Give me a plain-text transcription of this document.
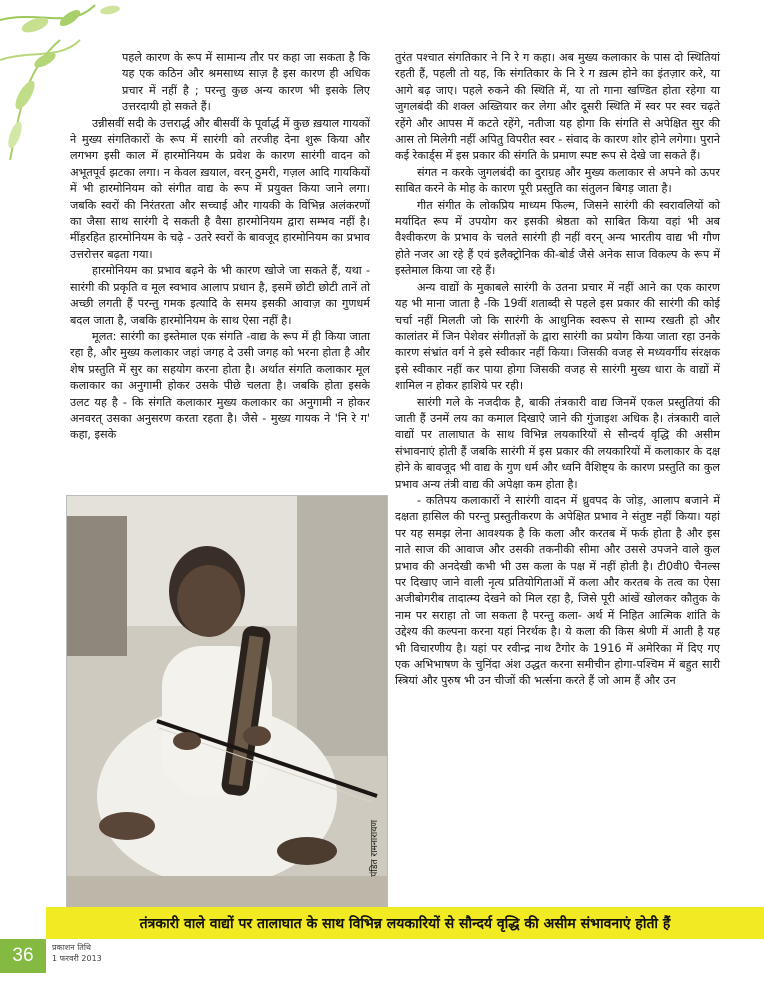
पहले कारण के रूप में सामान्य तौर पर कहा जा सकता है कि यह एक कठिन और श्रमसाध्य साज़ है इस कारण ही अधिक प्रचार में नहीं है ; परन्तु कुछ अन्य कारण भी इसके लिए उत्तरदायी हो सकते हैं।

उन्नीसवीं सदी के उत्तरार्द्ध और बीसवीं के पूर्वार्द्ध में कुछ ख़याल गायकों ने मुख्य संगतिकारों के रूप में सारंगी को तरजीह देना शुरू किया और लगभग इसी काल में हारमोनियम के प्रवेश के कारण सारंगी वादन को अभूतपूर्व झटका लगा। न केवल ख़याल, वरन् ठुमरी, गज़ल आदि गायकियों में भी हारमोनियम को संगीत वाद्य के रूप में प्रयुक्त किया जाने लगा। जबकि स्वरों की निरंतरता और सच्चाई और गायकी के विभिन्न अलंकरणों का जैसा साथ सारंगी दे सकती है वैसा हारमोनियम द्वारा सम्भव नहीं है। मींड़रहित हारमोनियम के चढ़े - उतरे स्वरों के बावजूद हारमोनियम का प्रभाव उत्तरोत्तर बढ़ता गया।

हारमोनियम का प्रभाव बढ़ने के भी कारण खोजे जा सकते हैं, यथा - सारंगी की प्रकृति व मूल स्वभाव आलाप प्रधान है, इसमें छोटी छोटी तानें तो अच्छी लगती हैं परन्तु गमक इत्यादि के समय इसकी आवाज़ का गुणधर्म बदल जाता है, जबकि हारमोनियम के साथ ऐसा नहीं है।

मूलत: सारंगी का इस्तेमाल एक संगति -वाद्य के रूप में ही किया जाता रहा है, और मुख्य कलाकार जहां जगह दे उसी जगह को भरना होता है और शेष प्रस्तुति में सुर का सहयोग करना होता है। अर्थात संगति कलाकार मूल कलाकार का अनुगामी होकर उसके पीछे चलता है। जबकि होता इसके उलट यह है - कि संगति कलाकार मुख्य कलाकार का अनुगामी न होकर अनवरत् उसका अनुसरण करता रहता है। जैसे - मुख्य गायक ने 'नि रे ग' कहा, इसके

पंडित रामनारायण

तुरंत पश्चात संगतिकार ने नि रे ग कहा। अब मुख्य कलाकार के पास दो स्थितियां रहती हैं, पहली तो यह, कि संगतिकार के नि रे ग ख़त्म होने का इंतज़ार करे, या आगे बढ़ जाए। पहले रुकने की स्थिति में, या तो गाना खण्डित होता रहेगा या जुगलबंदी की शक्ल अख्तियार कर लेगा और दूसरी स्थिति में स्वर पर स्वर चढ़ते रहेंगे और आपस में कटते रहेंगे, नतीजा यह होगा कि संगति से अपेक्षित सुर की आस तो मिलेगी नहीं अपितु विपरीत स्वर - संवाद के कारण शोर होने लगेगा। पुराने कई रेकार्ड्स में इस प्रकार की संगति के प्रमाण स्पष्ट रूप से देखे जा सकते हैं।

संगत न करके जुगलबंदी का दुराग्रह और मुख्य कलाकार से अपने को ऊपर साबित करने के मोह के कारण पूरी प्रस्तुति का संतुलन बिगड़ जाता है।

गीत संगीत के लोकप्रिय माध्यम फिल्म, जिसने सारंगी की स्वरावलियों को मर्यादित रूप में उपयोग कर इसकी श्रेष्ठता को साबित किया वहां भी अब वैश्वीकरण के प्रभाव के चलते सारंगी ही नहीं वरन् अन्य भारतीय वाद्य भी गौण होते नजर आ रहे हैं एवं इलैक्ट्रोनिक की-बोर्ड जैसे अनेक साज विकल्प के रूप में इस्तेमाल किया जा रहे हैं।

अन्य वाद्यों के मुकाबले सारंगी के उतना प्रचार में नहीं आने का एक कारण यह भी माना जाता है -कि 19वीं शताब्दी से पहले इस प्रकार की सारंगी की कोई चर्चा नहीं मिलती जो कि सारंगी के आधुनिक स्वरूप से साम्य रखती हो और कालांतर में जिन पेशेवर संगीतज्ञों के द्वारा सारंगी का प्रयोग किया जाता रहा उनके कारण संभ्रांत वर्ग ने इसे स्वीकार नहीं किया। जिसकी वजह से मध्यवर्गीय संरक्षक इसे स्वीकार नहीं कर पाया होगा जिसकी वजह से सारंगी मुख्य धारा के वाद्यों में शामिल न होकर हाशिये पर रही।

सारंगी गले के नजदीक है, बाकी तंत्रकारी वाद्य जिनमें एकल प्रस्तुतियां की जाती हैं उनमें लय का कमाल दिखाऐ जाने की गुंजाइश अधिक है। तंत्रकारी वाले वाद्यों पर तालाघात के साथ विभिन्न लयकारियों से सौन्दर्य वृद्धि की असीम संभावनाएं होती हैं जबकि सारंगी में इस प्रकार की लयकारियों में कलाकार के दक्ष होने के बावजूद भी वाद्य के गुण धर्म और ध्वनि वैशिष्ट्य के कारण प्रस्तुति का कुल प्रभाव अन्य तंत्री वाद्य की अपेक्षा कम होता है।

- कतिपय कलाकारों ने सारंगी वादन में ध्रुवपद के जोड़, आलाप बजाने में दक्षता हासिल की परन्तु प्रस्तुतीकरण के अपेक्षित प्रभाव ने संतुष्ट नहीं किया। यहां पर यह समझ लेना आवश्यक है कि कला और करतब में फर्क होता है और इस नाते साज की आवाज और उसकी तकनीकी सीमा और उससे उपजने वाले कुल प्रभाव की अनदेखी कभी भी उस कला के पक्ष में नहीं होती है। टी0वी0 चैनल्स पर दिखाए जाने वाली नृत्य प्रतियोगिताओं में कला और करतब के तत्व का ऐसा अजीबोगरीब तादात्म्य देखने को मिल रहा है, जिसे पूरी आंखें खोलकर कौतुक के नाम पर सराहा तो जा सकता है परन्तु कला- अर्थ में निहित आत्मिक शांति के उद्देश्य की कल्पना करना यहां निरर्थक है। ये कला की किस श्रेणी में आती है यह भी विचारणीय है। यहां पर रवीन्द्र नाथ टैगोर के 1916 में अमेरिका में दिए गए एक अभिभाषण के चुनिंदा अंश उद्धत करना समीचीन होगा-पश्चिम में बहुत सारी स्त्रियां और पुरुष भी उन चीजों की भर्त्सना करते हैं जो आम हैं और उन

तंत्रकारी वाले वाद्यों पर तालाघात के साथ विभिन्न लयकारियों से सौन्दर्य वृद्धि की असीम संभावनाएं होती हैं
36 प्रकाशन तिथि
1 फरवरी 2013
